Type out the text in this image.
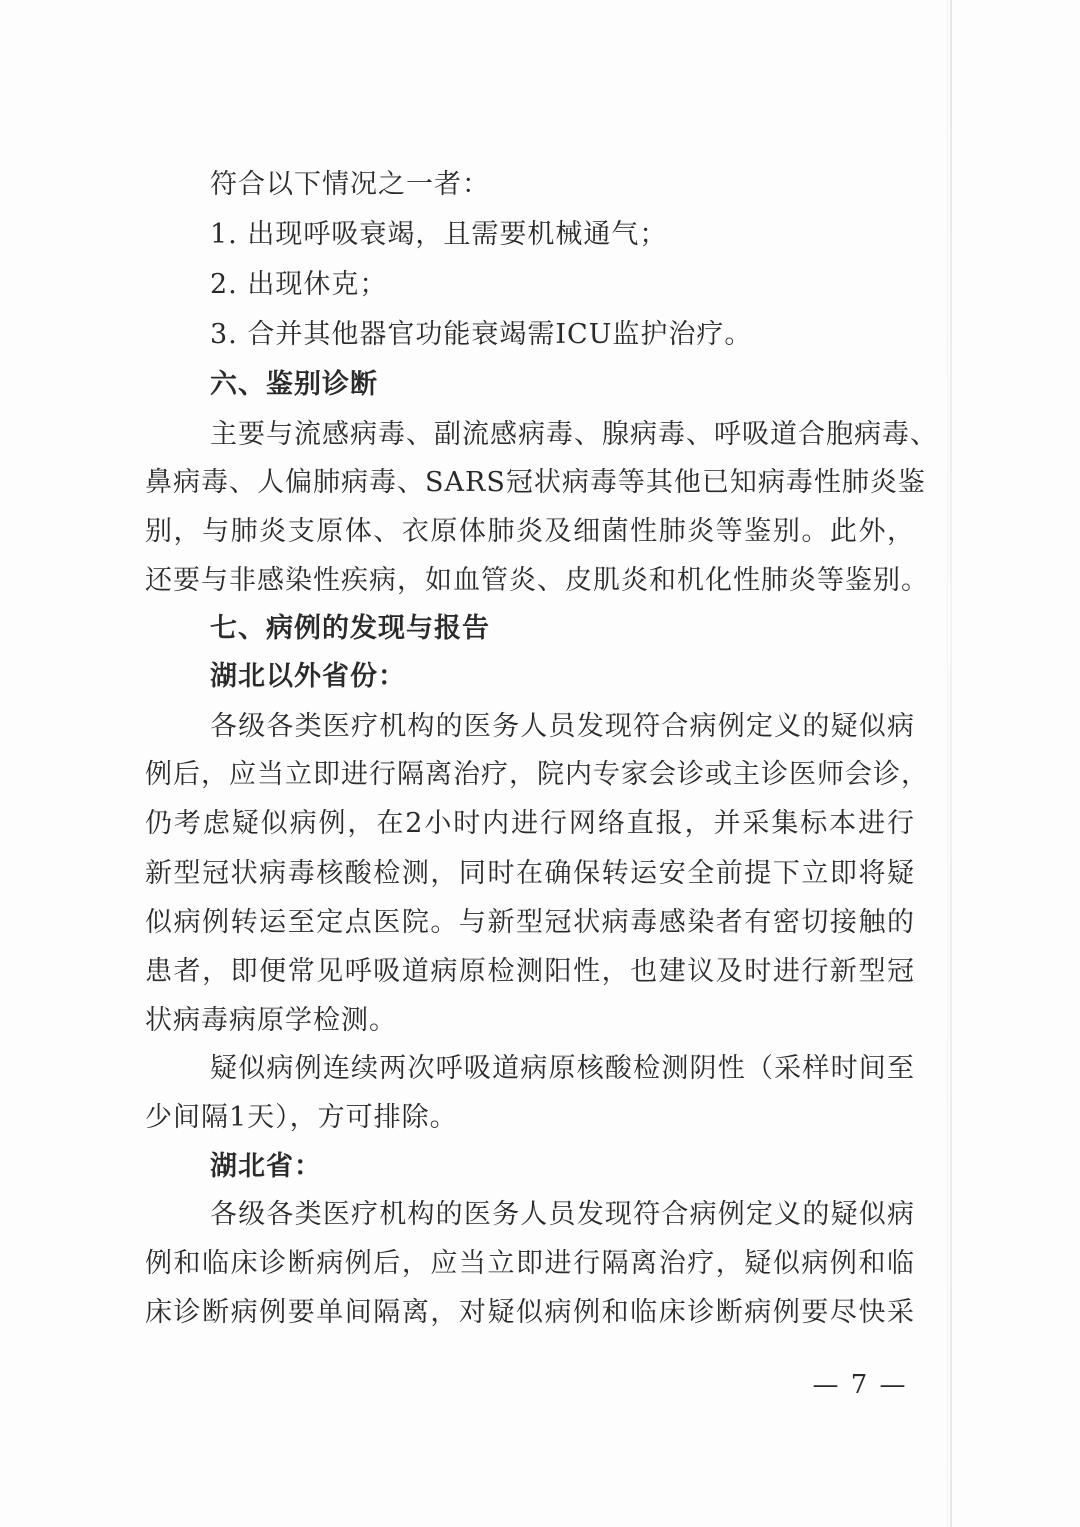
符合以下情况之一者：
1. 出现呼吸衰竭，且需要机械通气；
2. 出现休克；
3. 合并其他器官功能衰竭需ICU监护治疗。
六、鉴别诊断
主要与流感病毒、副流感病毒、腺病毒、呼吸道合胞病毒、
鼻病毒、人偏肺病毒、SARS冠状病毒等其他已知病毒性肺炎鉴
别，与肺炎支原体、衣原体肺炎及细菌性肺炎等鉴别。此外，
还要与非感染性疾病，如血管炎、皮肌炎和机化性肺炎等鉴别。
七、病例的发现与报告
湖北以外省份：
各级各类医疗机构的医务人员发现符合病例定义的疑似病
例后，应当立即进行隔离治疗，院内专家会诊或主诊医师会诊，
仍考虑疑似病例，在2小时内进行网络直报，并采集标本进行
新型冠状病毒核酸检测，同时在确保转运安全前提下立即将疑
似病例转运至定点医院。与新型冠状病毒感染者有密切接触的
患者，即便常见呼吸道病原检测阳性，也建议及时进行新型冠
状病毒病原学检测。
疑似病例连续两次呼吸道病原核酸检测阴性（采样时间至
少间隔1天），方可排除。
湖北省：
各级各类医疗机构的医务人员发现符合病例定义的疑似病
例和临床诊断病例后，应当立即进行隔离治疗，疑似病例和临
床诊断病例要单间隔离，对疑似病例和临床诊断病例要尽快采
— 7 —
